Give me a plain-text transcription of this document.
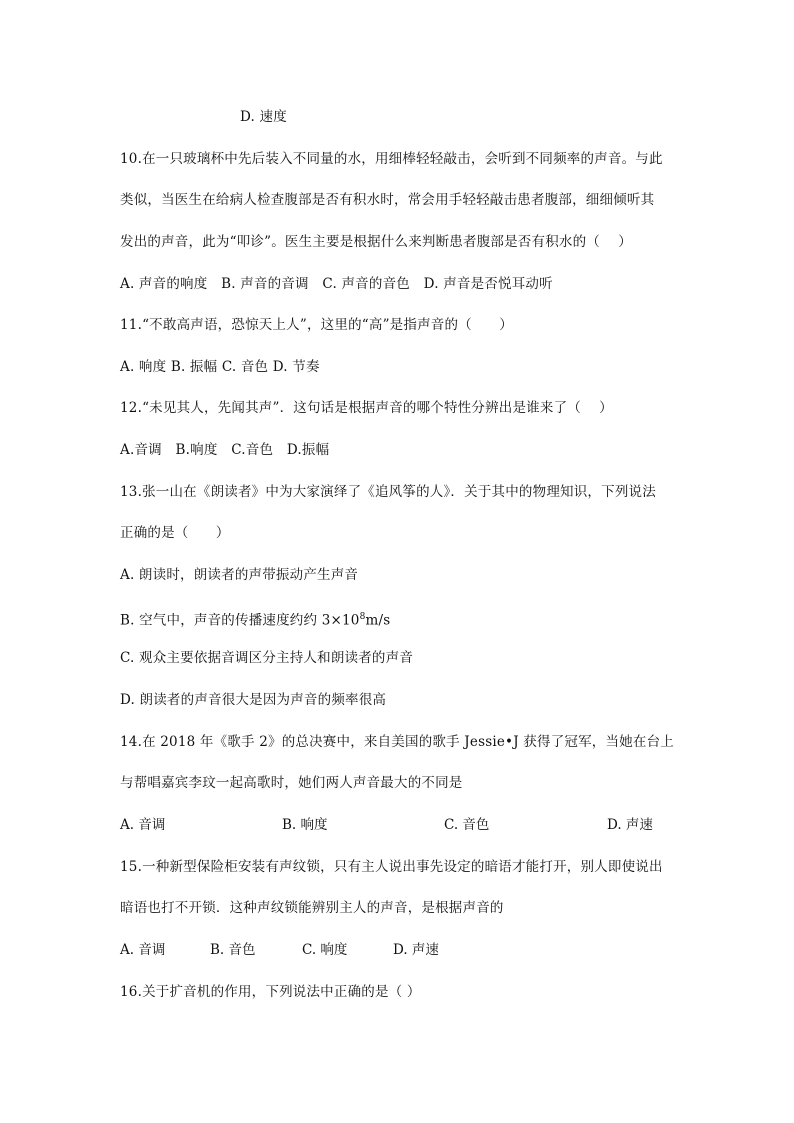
D. 速度
10.在一只玻璃杯中先后装入不同量的水，用细棒轻轻敲击，会听到不同频率的声音。与此
类似，当医生在给病人检查腹部是否有积水时，常会用手轻轻敲击患者腹部，细细倾听其
发出的声音，此为“叩诊”。医生主要是根据什么来判断患者腹部是否有积水的（　 ）
A. 声音的响度　B. 声音的音调　C. 声音的音色　D. 声音是否悦耳动听
11.“不敢高声语，恐惊天上人”，这里的“高”是指声音的（　　）
A. 响度 B. 振幅 C. 音色 D. 节奏
12.“未见其人，先闻其声”．这句话是根据声音的哪个特性分辨出是谁来了（　 ）
A.音调　B.响度　C.音色　D.振幅
13.张一山在《朗读者》中为大家演绎了《追风筝的人》．关于其中的物理知识，下列说法
正确的是（　　）
A. 朗读时，朗读者的声带振动产生声音
B. 空气中，声音的传播速度约约 $3\times 10^8m/s$
C. 观众主要依据音调区分主持人和朗读者的声音
D. 朗读者的声音很大是因为声音的频率很高
14.在 2018 年《歌手 2》的总决赛中，来自美国的歌手 Jessie•J 获得了冠军，当她在台上
与帮唱嘉宾李玟一起高歌时，她们两人声音最大的不同是
A. 音调	B. 响度	C. 音色	D. 声速
15.一种新型保险柜安装有声纹锁，只有主人说出事先设定的暗语才能打开，别人即使说出
暗语也打不开锁．这种声纹锁能辨别主人的声音，是根据声音的
A. 音调	B. 音色	C. 响度	D. 声速
16.关于扩音机的作用，下列说法中正确的是（ ）
